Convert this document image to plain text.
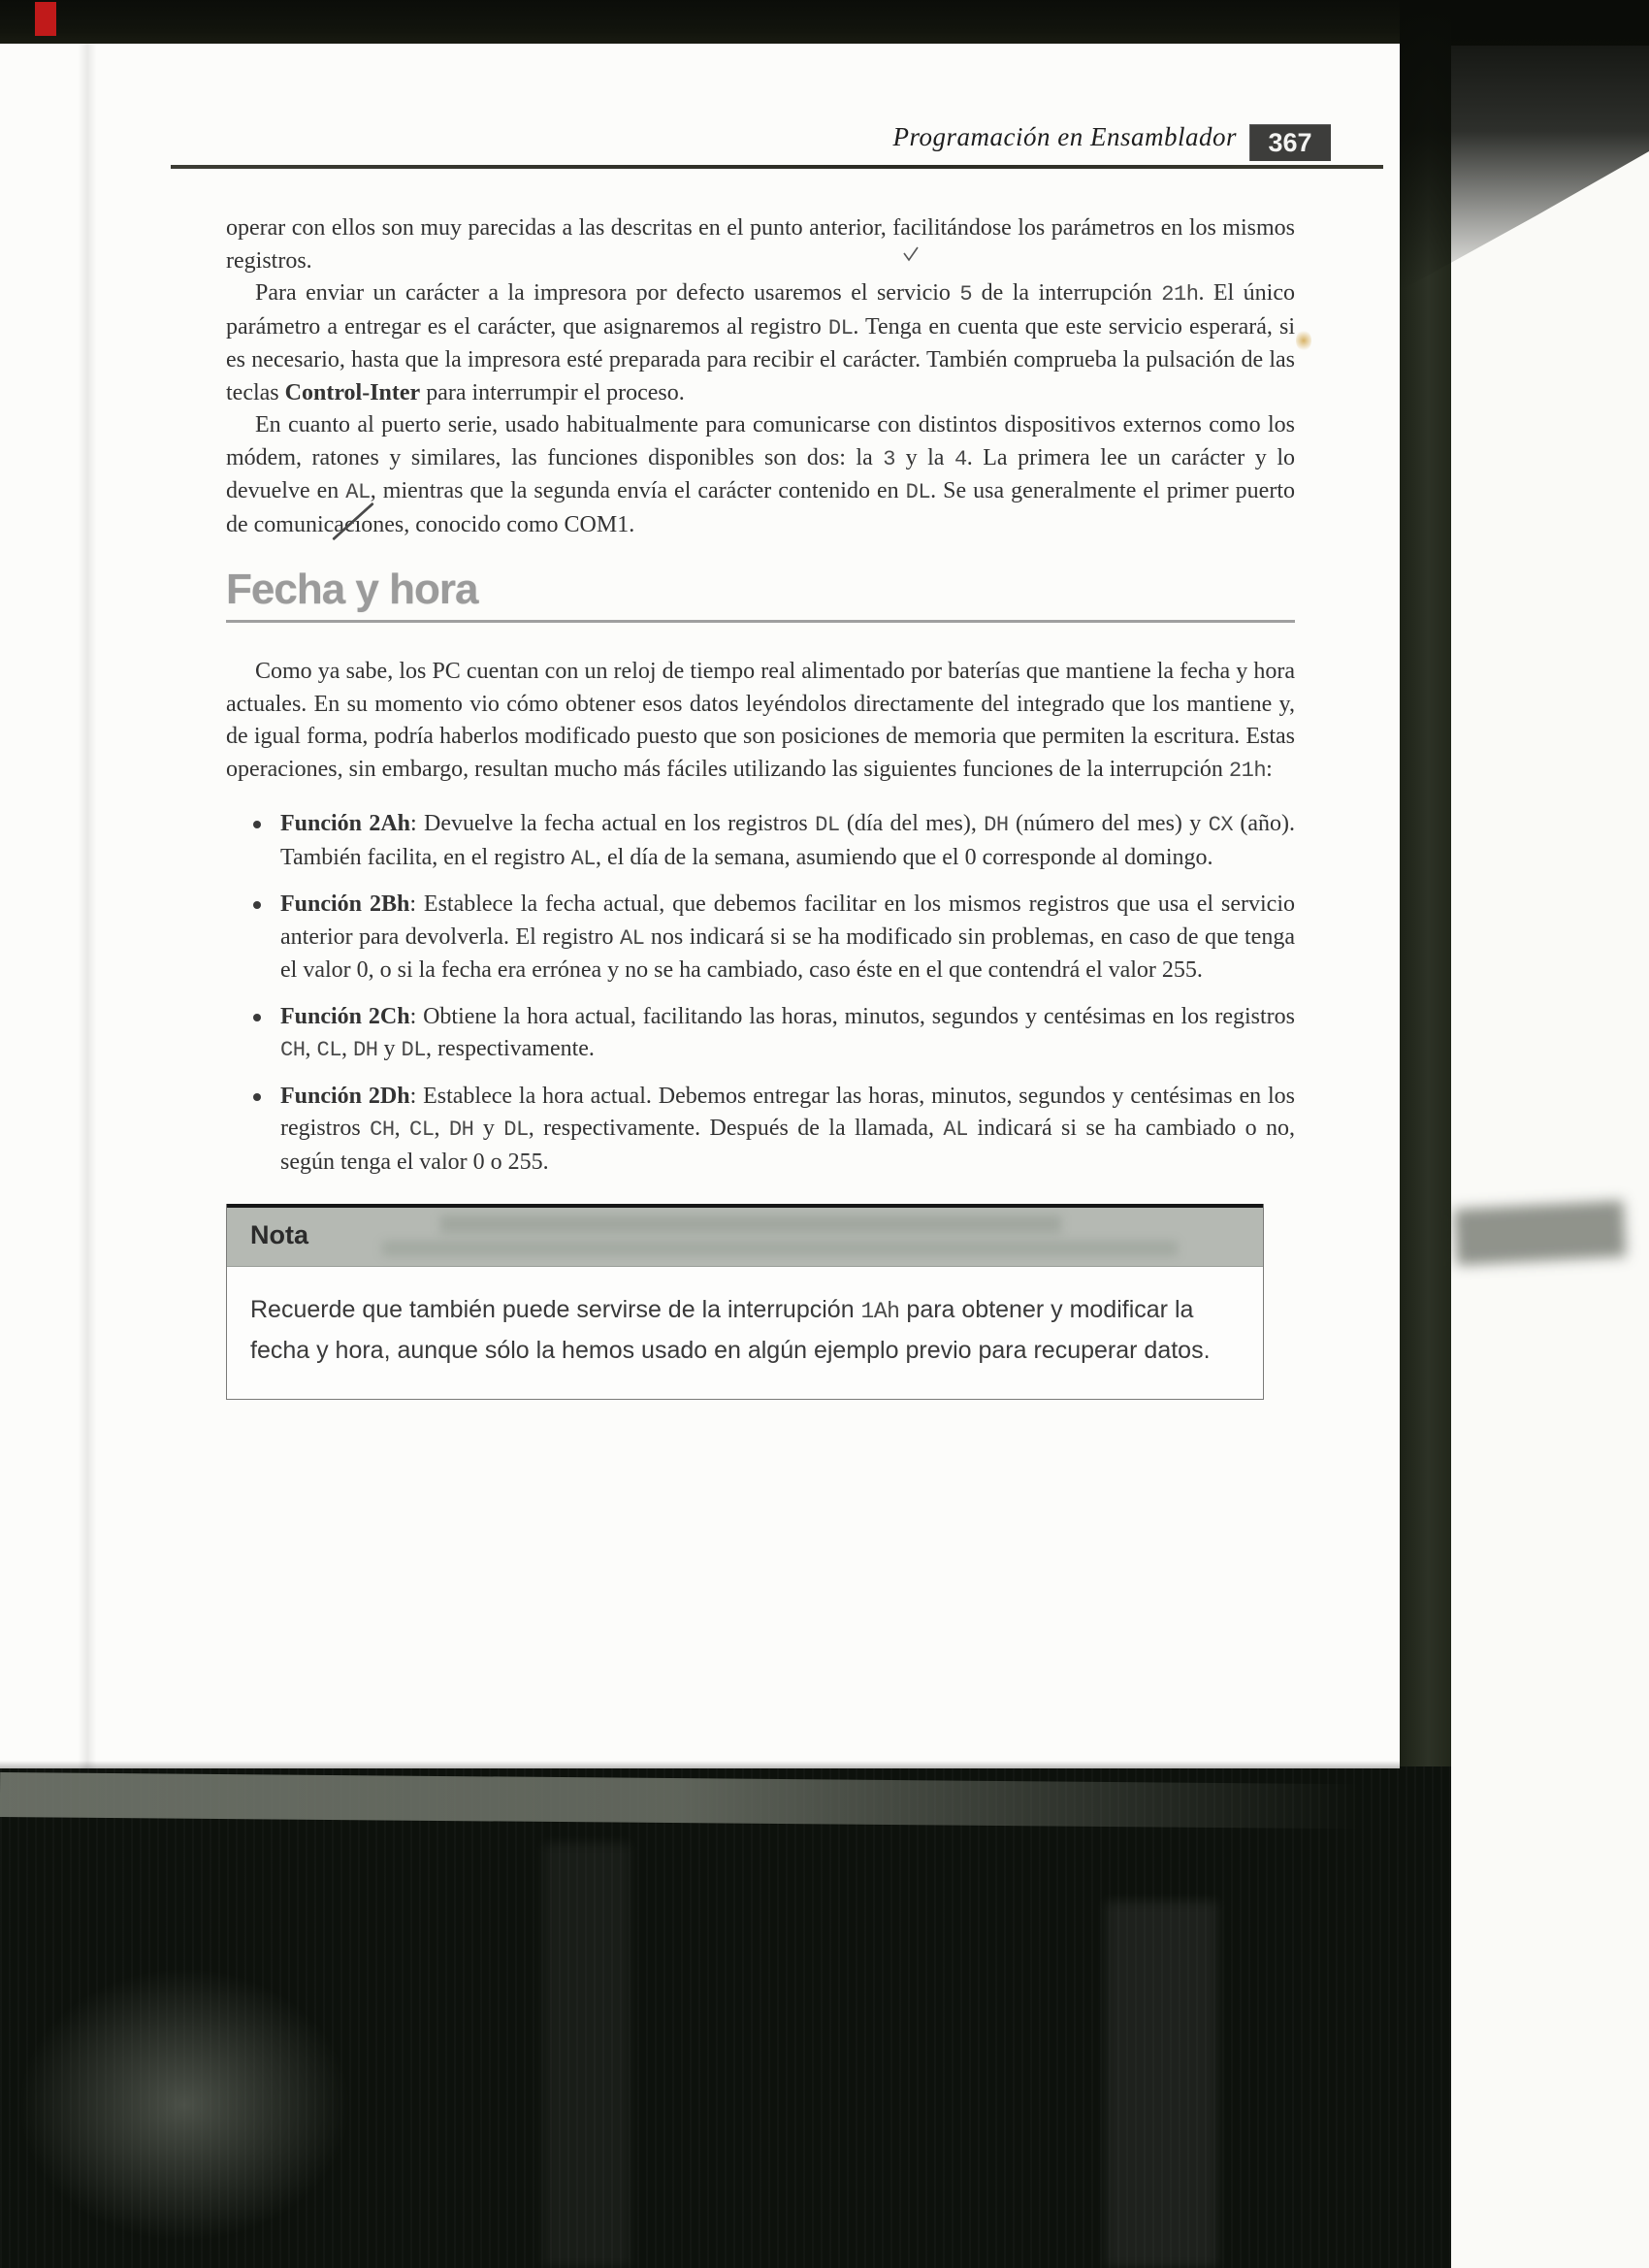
Programación en Ensamblador	367

operar con ellos son muy parecidas a las descritas en el punto anterior, facilitándose los parámetros en los mismos registros.

Para enviar un carácter a la impresora por defecto usaremos el servicio 5 de la interrupción 21h. El único parámetro a entregar es el carácter, que asignaremos al registro DL. Tenga en cuenta que este servicio esperará, si es necesario, hasta que la impresora esté preparada para recibir el carácter. También comprueba la pulsación de las teclas Control-Inter para interrumpir el proceso.

En cuanto al puerto serie, usado habitualmente para comunicarse con distintos dispositivos externos como los módem, ratones y similares, las funciones disponibles son dos: la 3 y la 4. La primera lee un carácter y lo devuelve en AL, mientras que la segunda envía el carácter contenido en DL. Se usa generalmente el primer puerto de comunicaciones, conocido como COM1.

Fecha y hora

Como ya sabe, los PC cuentan con un reloj de tiempo real alimentado por baterías que mantiene la fecha y hora actuales. En su momento vio cómo obtener esos datos leyéndolos directamente del integrado que los mantiene y, de igual forma, podría haberlos modificado puesto que son posiciones de memoria que permiten la escritura. Estas operaciones, sin embargo, resultan mucho más fáciles utilizando las siguientes funciones de la interrupción 21h:

Función 2Ah: Devuelve la fecha actual en los registros DL (día del mes), DH (número del mes) y CX (año). También facilita, en el registro AL, el día de la semana, asumiendo que el 0 corresponde al domingo.
Función 2Bh: Establece la fecha actual, que debemos facilitar en los mismos registros que usa el servicio anterior para devolverla. El registro AL nos indicará si se ha modificado sin problemas, en caso de que tenga el valor 0, o si la fecha era errónea y no se ha cambiado, caso éste en el que contendrá el valor 255.
Función 2Ch: Obtiene la hora actual, facilitando las horas, minutos, segundos y centésimas en los registros CH, CL, DH y DL, respectivamente.
Función 2Dh: Establece la hora actual. Debemos entregar las horas, minutos, segundos y centésimas en los registros CH, CL, DH y DL, respectivamente. Después de la llamada, AL indicará si se ha cambiado o no, según tenga el valor 0 o 255.
Nota

Recuerde que también puede servirse de la interrupción 1Ah para obtener y modificar la fecha y hora, aunque sólo la hemos usado en algún ejemplo previo para recuperar datos.
